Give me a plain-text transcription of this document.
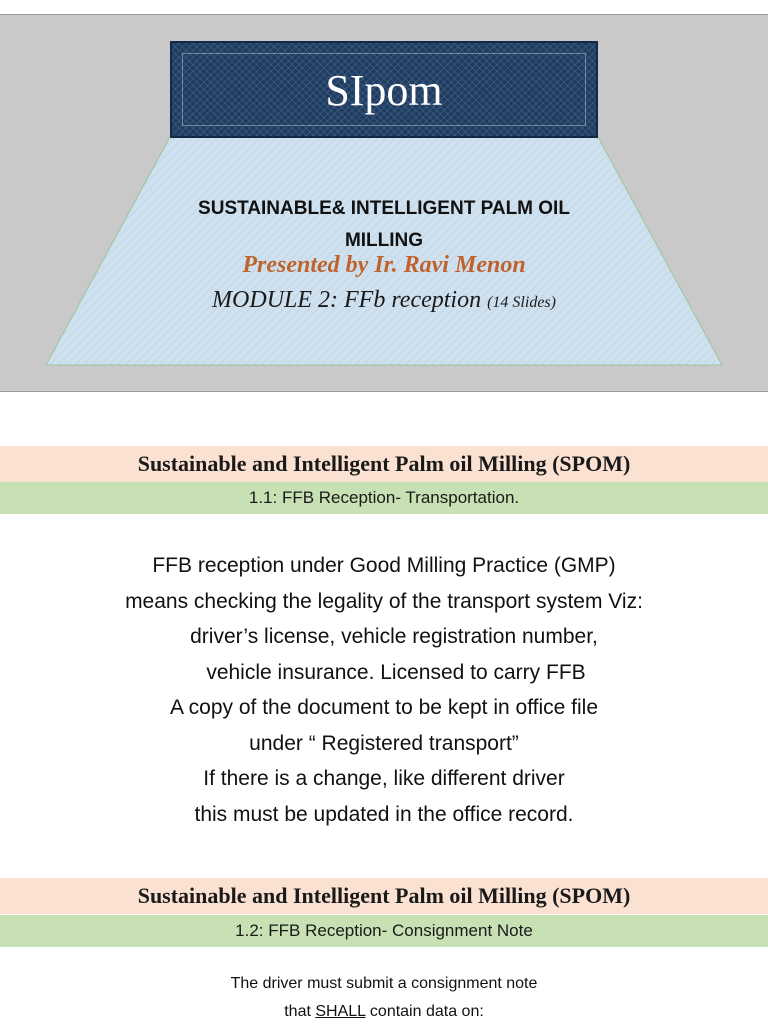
SIpom
SUSTAINABLE& INTELLIGENT PALM OIL
MILLING
Presented by Ir. Ravi Menon
MODULE 2: FFb reception (14 Slides)
Sustainable and Intelligent Palm oil Milling (SPOM)
1.1: FFB Reception- Transportation.
FFB reception under Good Milling Practice (GMP)
means checking the legality of the transport system Viz:
driver’s license, vehicle registration number,
vehicle insurance. Licensed to carry FFB
A copy of the document to be kept in office file
under “ Registered transport”
If there is a change, like different driver
this must be updated in the office record.
Sustainable and Intelligent Palm oil Milling (SPOM)
1.2: FFB Reception- Consignment Note
The driver must submit a consignment note
that SHALL contain data on:
